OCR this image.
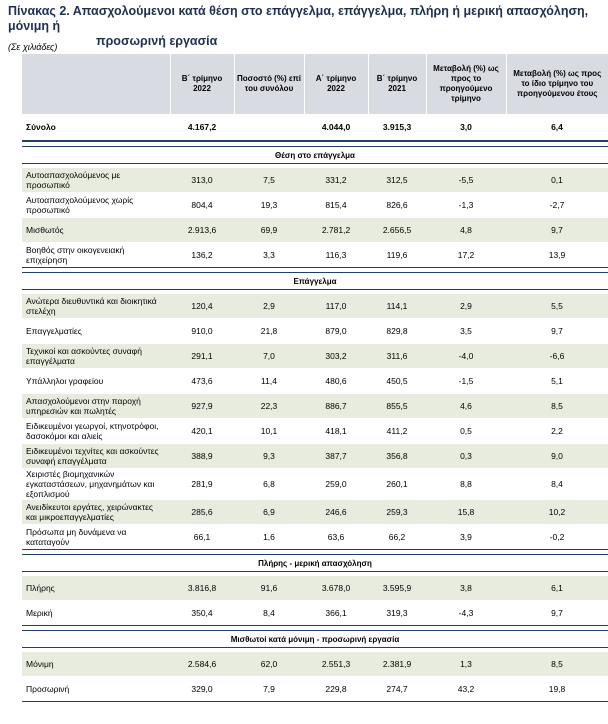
Πίνακας 2. Απασχολούμενοι κατά θέση στο επάγγελμα, επάγγελμα, πλήρη ή μερική απασχόληση, μόνιμη ή
προσωρινή εργασία
(Σε χιλιάδες)
	Β΄ τρίμηνο 2022	Ποσοστό (%) επί του συνόλου	Α΄ τρίμηνο 2022	Β΄ τρίμηνο 2021	Μεταβολή (%) ως προς το προηγούμενο τρίμηνο	Μεταβολή (%) ως προς το ίδιο τρίμηνο του προηγούμενου έτους
Σύνολο	4.167,2		4.044,0	3.915,3	3,0	6,4

Θέση στο επάγγελμα						

Αυτοαπασχολούμενος με προσωπικό	313,0	7,5	331,2	312,5	-5,5	0,1
Αυτοαπασχολούμενος χωρίς προσωπικό	804,4	19,3	815,4	826,6	-1,3	-2,7
Μισθωτός	2.913,6	69,9	2.781,2	2.656,5	4,8	9,7
Βοηθός στην οικογενειακή επιχείρηση	136,2	3,3	116,3	119,6	17,2	13,9

Επάγγελμα						

Ανώτερα διευθυντικά και διοικητικά στελέχη	120,4	2,9	117,0	114,1	2,9	5,5
Επαγγελματίες	910,0	21,8	879,0	829,8	3,5	9,7
Τεχνικοί και ασκούντες συναφή επαγγέλματα	291,1	7,0	303,2	311,6	-4,0	-6,6
Υπάλληλοι γραφείου	473,6	11,4	480,6	450,5	-1,5	5,1
Απασχολούμενοι στην παροχή υπηρεσιών και πωλητές	927,9	22,3	886,7	855,5	4,6	8,5
Ειδικευμένοι γεωργοί, κτηνοτρόφοι, δασοκόμοι και αλιείς	420,1	10,1	418,1	411,2	0,5	2,2
Ειδικευμένοι τεχνίτες και ασκούντες συναφή επαγγέλματα	388,9	9,3	387,7	356,8	0,3	9,0
Χειριστές βιομηχανικών εγκαταστάσεων, μηχανημάτων και εξοπλισμού	281,9	6,8	259,0	260,1	8,8	8,4
Ανειδίκευτοι εργάτες, χειρώνακτες και μικροεπαγγελματίες	285,6	6,9	246,6	259,3	15,8	10,2
Πρόσωπα μη δυνάμενα να καταταγούν	66,1	1,6	63,6	66,2	3,9	-0,2

Πλήρης - μερική απασχόληση						

Πλήρης	3.816,8	91,6	3.678,0	3.595,9	3,8	6,1
Μερική	350,4	8,4	366,1	319,3	-4,3	9,7

Μισθωτοί κατά μόνιμη - προσωρινή εργασία						

Μόνιμη	2.584,6	62,0	2.551,3	2.381,9	1,3	8,5
Προσωρινή	329,0	7,9	229,8	274,7	43,2	19,8
